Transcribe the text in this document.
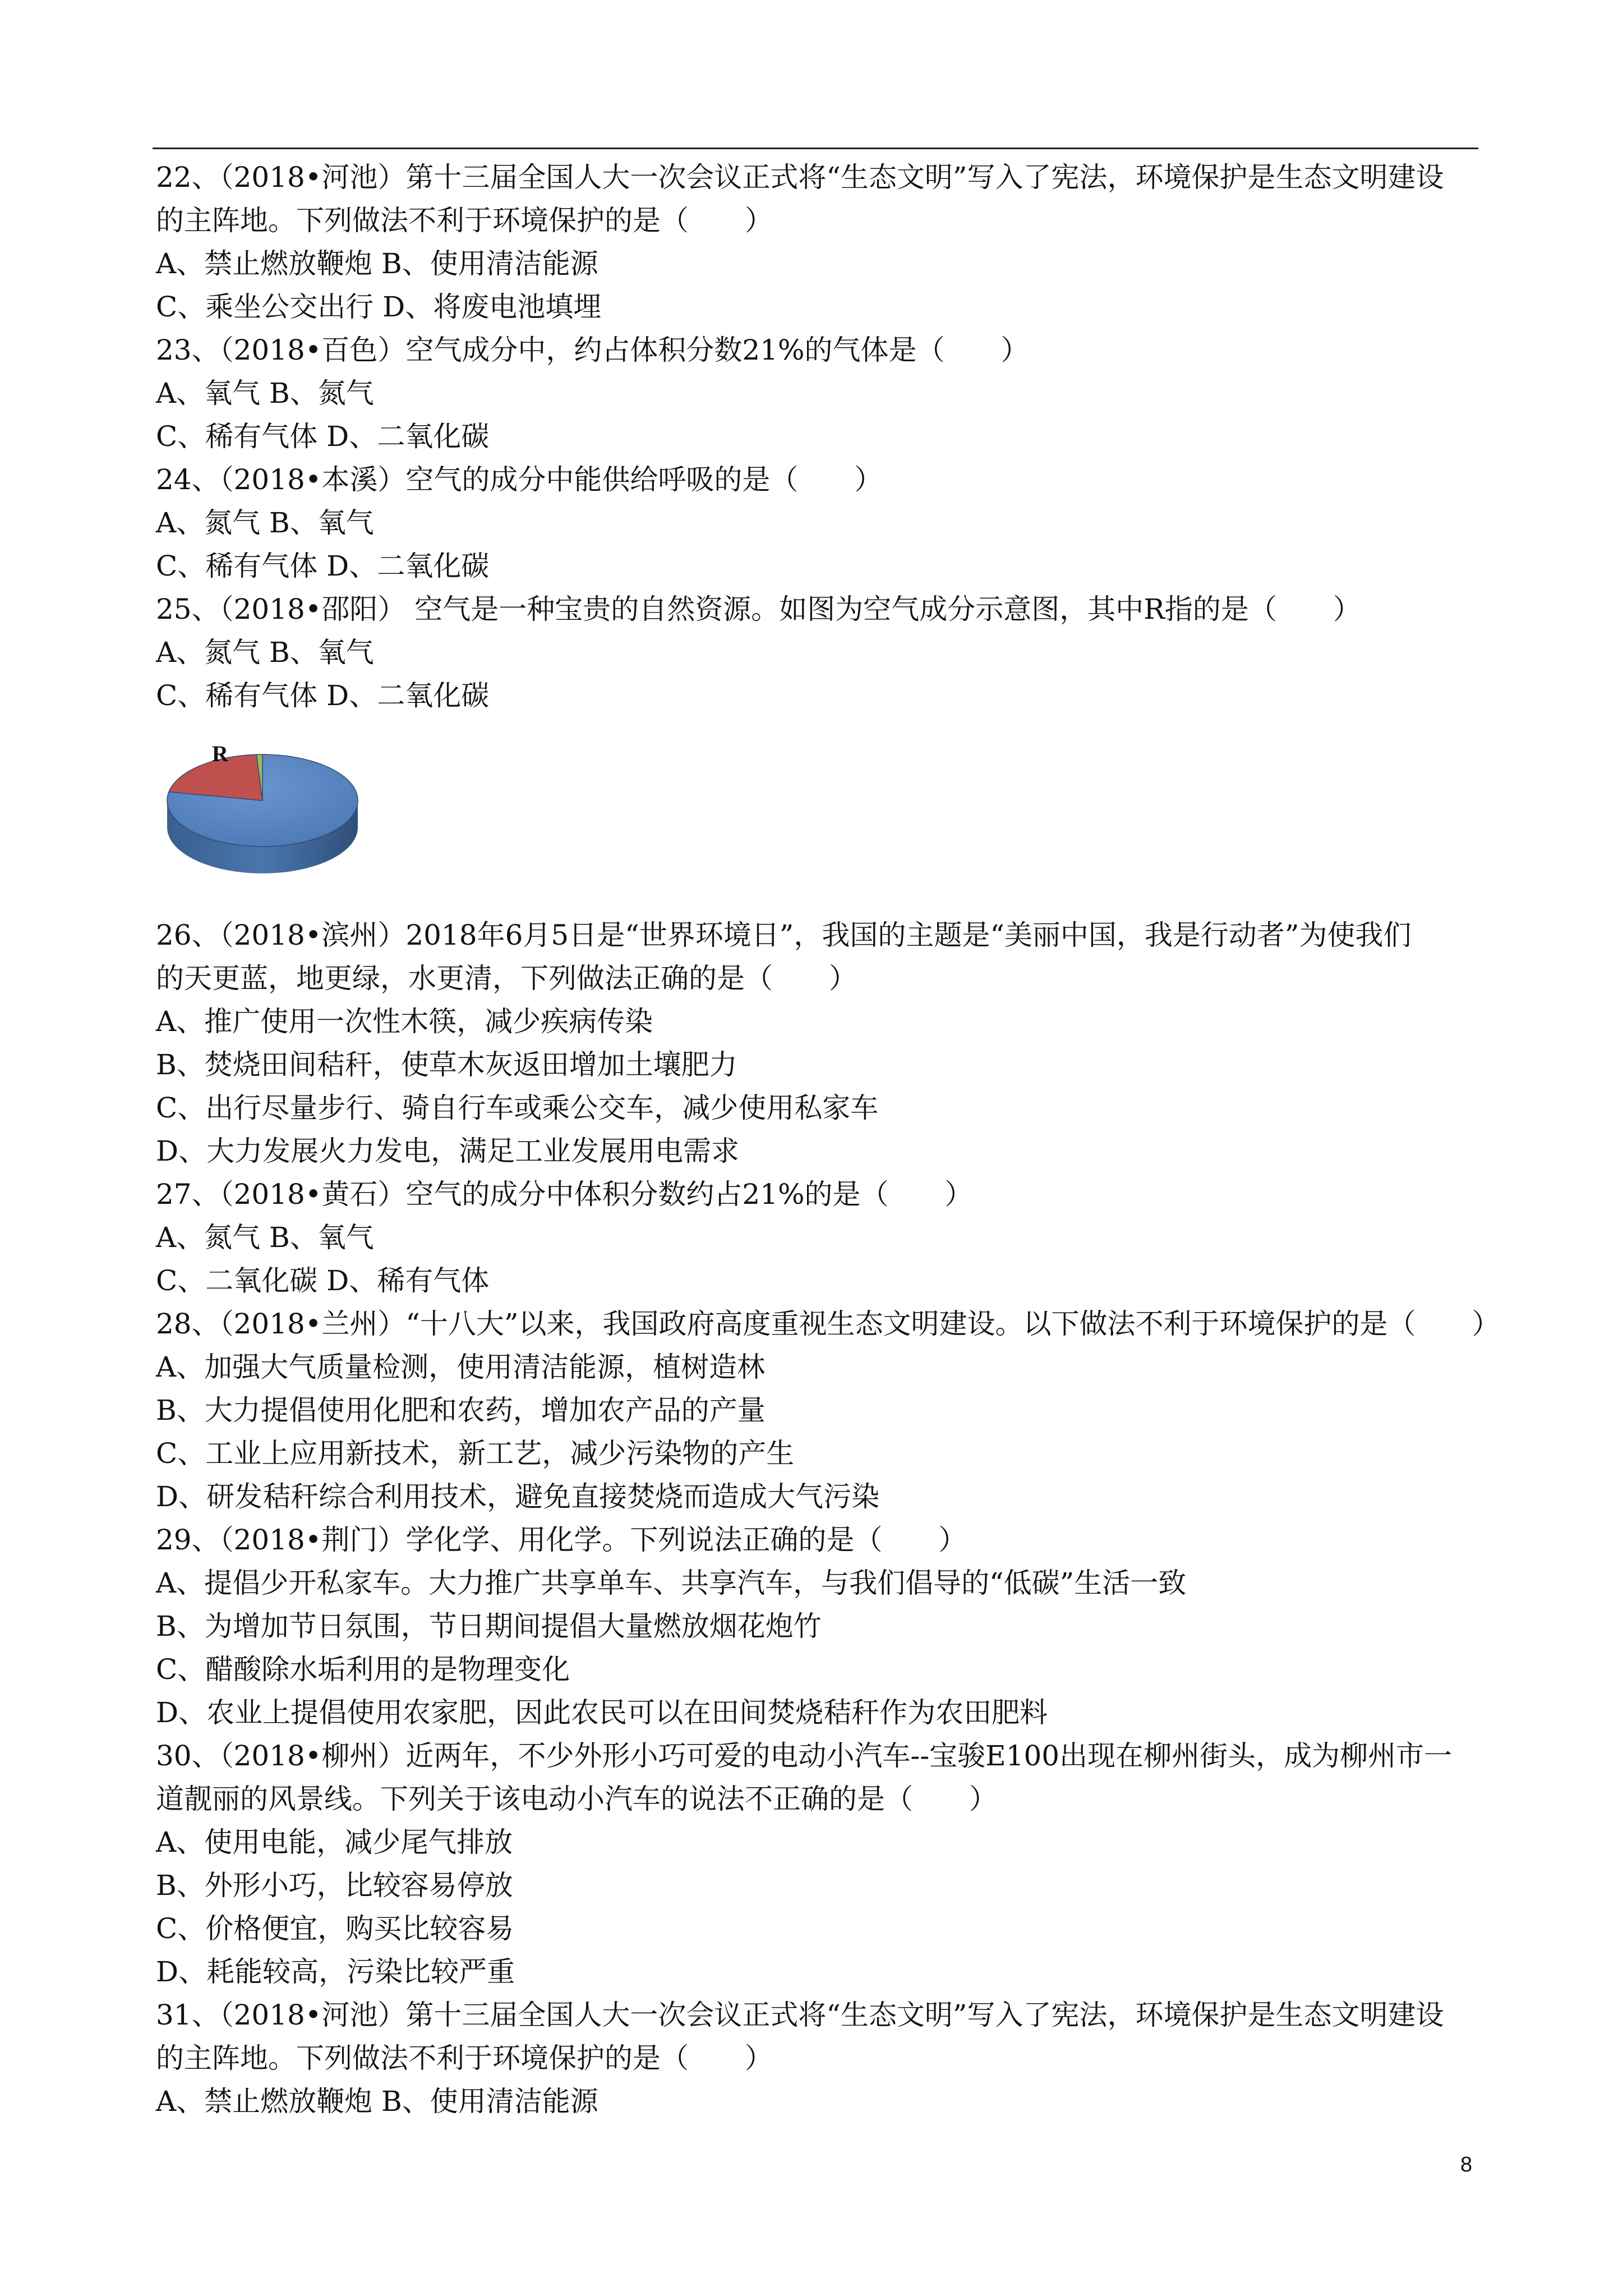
22、（2018•河池）第十三届全国人大一次会议正式将“生态文明”写入了宪法，环境保护是生态文明建设
的主阵地。下列做法不利于环境保护的是（　　）
A、禁止燃放鞭炮 B、使用清洁能源
C、乘坐公交出行 D、将废电池填埋
23、（2018•百色）空气成分中，约占体积分数21%的气体是（　　）
A、氧气 B、氮气
C、稀有气体 D、二氧化碳
24、（2018•本溪）空气的成分中能供给呼吸的是（　　）
A、氮气 B、氧气
C、稀有气体 D、二氧化碳
25、（2018•邵阳） 空气是一种宝贵的自然资源。如图为空气成分示意图，其中R指的是（　　）
A、氮气 B、氧气
C、稀有气体 D、二氧化碳
R
26、（2018•滨州）2018年6月5日是“世界环境日”，我国的主题是“美丽中国，我是行动者”为使我们
的天更蓝，地更绿，水更清，下列做法正确的是（　　）
A、推广使用一次性木筷，减少疾病传染
B、焚烧田间秸秆，使草木灰返田增加土壤肥力
C、出行尽量步行、骑自行车或乘公交车，减少使用私家车
D、大力发展火力发电，满足工业发展用电需求
27、（2018•黄石）空气的成分中体积分数约占21%的是（　　）
A、氮气 B、氧气
C、二氧化碳 D、稀有气体
28、（2018•兰州）“十八大”以来，我国政府高度重视生态文明建设。以下做法不利于环境保护的是（　　）
A、加强大气质量检测，使用清洁能源，植树造林
B、大力提倡使用化肥和农药，增加农产品的产量
C、工业上应用新技术，新工艺，减少污染物的产生
D、研发秸秆综合利用技术，避免直接焚烧而造成大气污染
29、（2018•荆门）学化学、用化学。下列说法正确的是（　　）
A、提倡少开私家车。大力推广共享单车、共享汽车，与我们倡导的“低碳”生活一致
B、为增加节日氛围，节日期间提倡大量燃放烟花炮竹
C、醋酸除水垢利用的是物理变化
D、农业上提倡使用农家肥，因此农民可以在田间焚烧秸秆作为农田肥料
30、（2018•柳州）近两年，不少外形小巧可爱的电动小汽车--宝骏E100出现在柳州街头，成为柳州市一
道靓丽的风景线。下列关于该电动小汽车的说法不正确的是（　　）
A、使用电能，减少尾气排放
B、外形小巧，比较容易停放
C、价格便宜，购买比较容易
D、耗能较高，污染比较严重
31、（2018•河池）第十三届全国人大一次会议正式将“生态文明”写入了宪法，环境保护是生态文明建设
的主阵地。下列做法不利于环境保护的是（　　）
A、禁止燃放鞭炮 B、使用清洁能源
8
